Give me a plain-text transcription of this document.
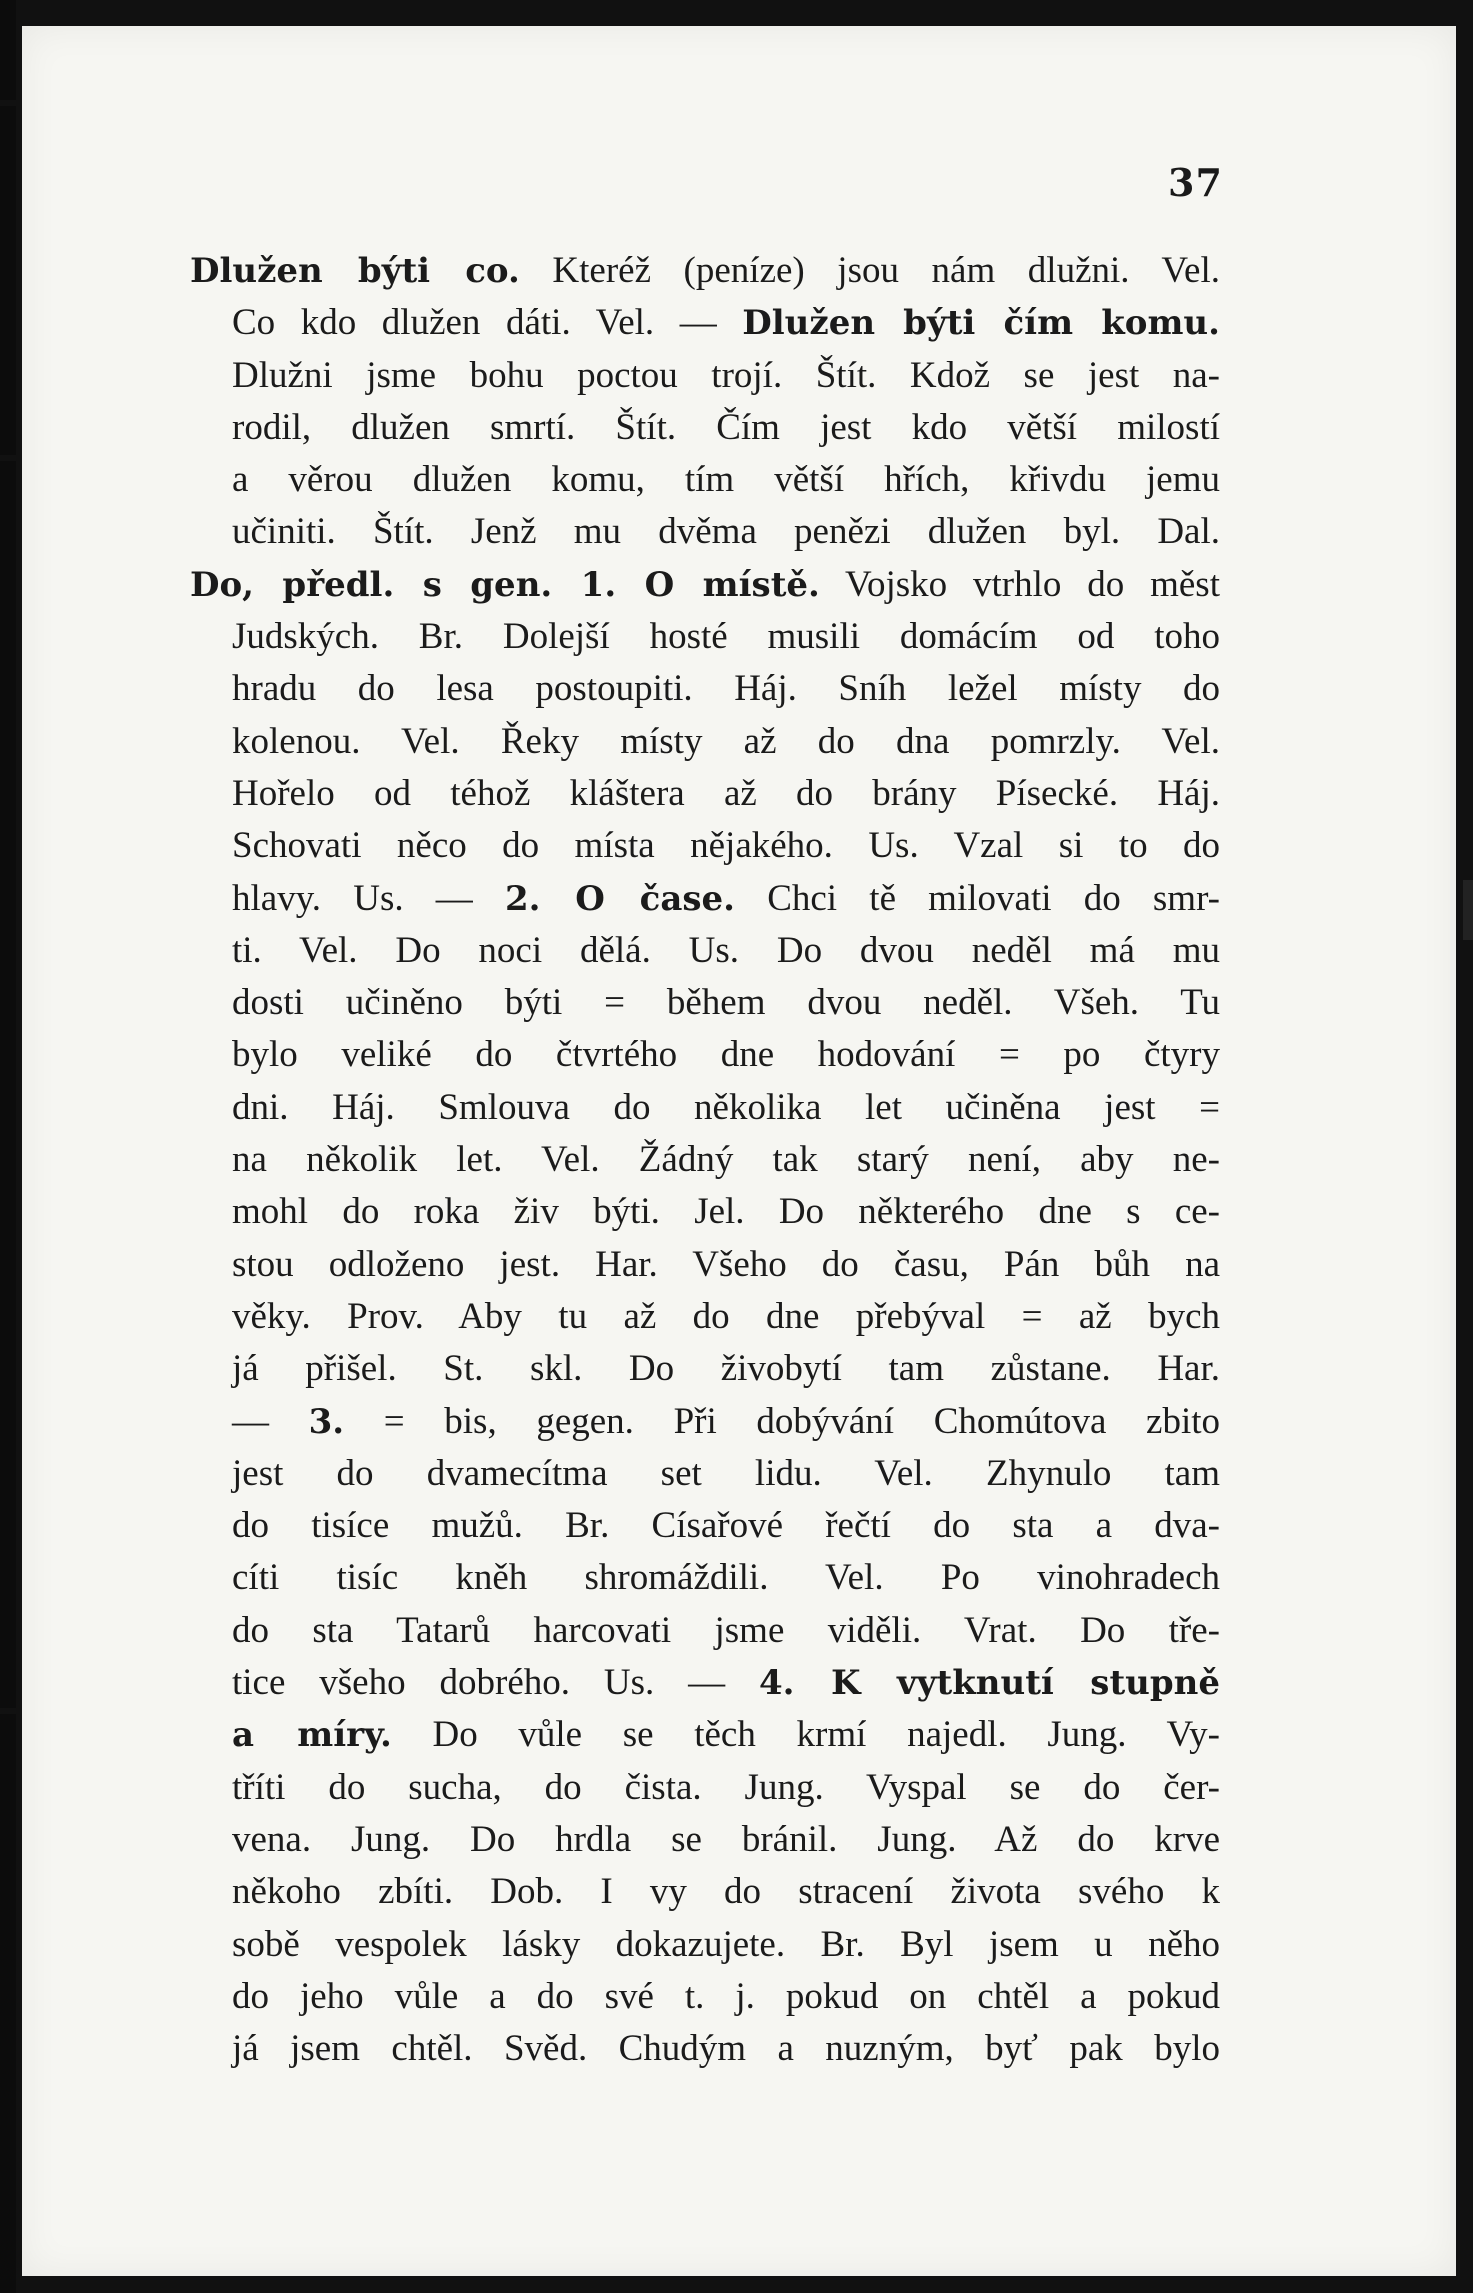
37
Dlužen býti co. Kteréž (peníze) jsou nám dlužni. Vel.
Co kdo dlužen dáti. Vel. — Dlužen býti čím komu.
Dlužni jsme bohu poctou trojí. Štít. Kdož se jest na-
rodil, dlužen smrtí. Štít. Čím jest kdo větší milostí
a věrou dlužen komu, tím větší hřích, křivdu jemu
učiniti. Štít. Jenž mu dvěma penězi dlužen byl. Dal.
Do, předl. s gen. 1. O místě. Vojsko vtrhlo do měst
Judských. Br. Dolejší hosté musili domácím od toho
hradu do lesa postoupiti. Háj. Sníh ležel místy do
kolenou. Vel. Řeky místy až do dna pomrzly. Vel.
Hořelo od téhož kláštera až do brány Písecké. Háj.
Schovati něco do místa nějakého. Us. Vzal si to do
hlavy. Us. — 2. O čase. Chci tě milovati do smr-
ti. Vel. Do noci dělá. Us. Do dvou neděl má mu
dosti učiněno býti = během dvou neděl. Všeh. Tu
bylo veliké do čtvrtého dne hodování = po čtyry
dni. Háj. Smlouva do několika let učiněna jest =
na několik let. Vel. Žádný tak starý není, aby ne-
mohl do roka živ býti. Jel. Do některého dne s ce-
stou odloženo jest. Har. Všeho do času, Pán bůh na
věky. Prov. Aby tu až do dne přebýval = až bych
já přišel. St. skl. Do živobytí tam zůstane. Har.
— 3. = bis, gegen. Při dobývání Chomútova zbito
jest do dvamecítma set lidu. Vel. Zhynulo tam
do tisíce mužů. Br. Císařové řečtí do sta a dva-
cíti tisíc kněh shromáždili. Vel. Po vinohradech
do sta Tatarů harcovati jsme viděli. Vrat. Do tře-
tice všeho dobrého. Us. — 4. K vytknutí stupně
a míry. Do vůle se těch krmí najedl. Jung. Vy-
tříti do sucha, do čista. Jung. Vyspal se do čer-
vena. Jung. Do hrdla se bránil. Jung. Až do krve
někoho zbíti. Dob. I vy do stracení života svého k
sobě vespolek lásky dokazujete. Br. Byl jsem u něho
do jeho vůle a do své t. j. pokud on chtěl a pokud
já jsem chtěl. Svěd. Chudým a nuzným, byť pak bylo
